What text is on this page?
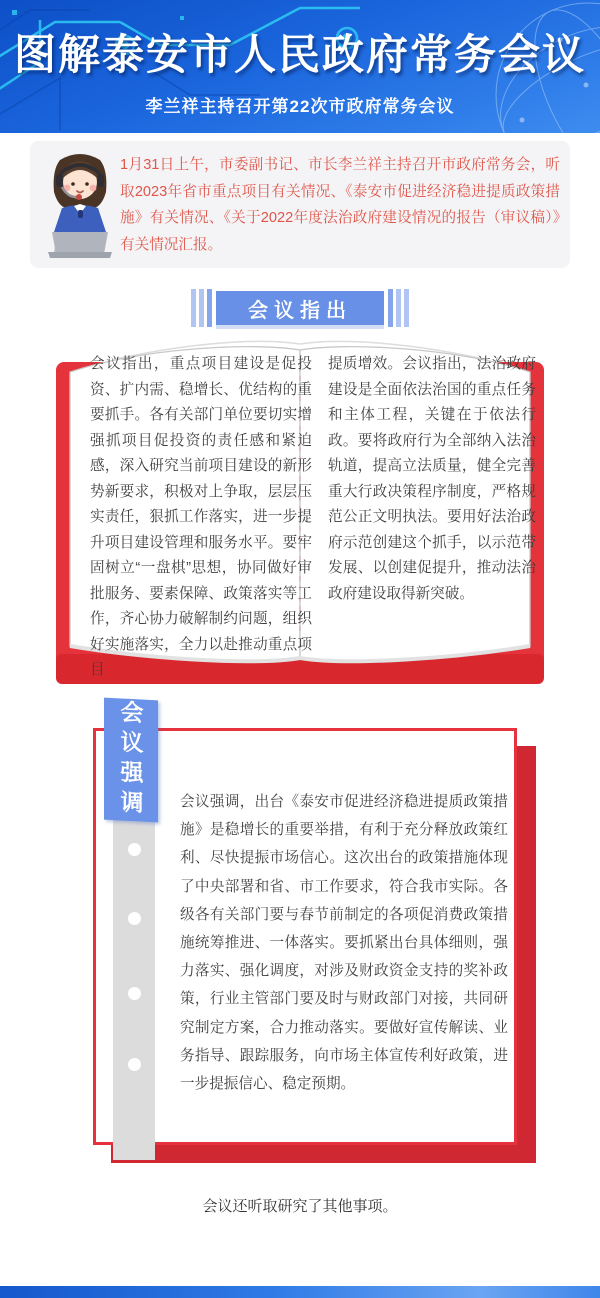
图解泰安市人民政府常务会议
李兰祥主持召开第22次市政府常务会议
1月31日上午，市委副书记、市长李兰祥主持召开市政府常务会，听取2023年省市重点项目有关情况、《泰安市促进经济稳进提质政策措施》有关情况、《关于2022年度法治政府建设情况的报告（审议稿）》有关情况汇报。
会议指出
会议指出，重点项目建设是促投资、扩内需、稳增长、优结构的重要抓手。各有关部门单位要切实增强抓项目促投资的责任感和紧迫感，深入研究当前项目建设的新形势新要求，积极对上争取，层层压实责任，狠抓工作落实，进一步提升项目建设管理和服务水平。要牢固树立“一盘棋”思想，协同做好审批服务、要素保障、政策落实等工作，齐心协力破解制约问题，组织好实施落实，全力以赴推动重点项目
提质增效。会议指出，法治政府建设是全面依法治国的重点任务和主体工程，关键在于依法行政。要将政府行为全部纳入法治轨道，提高立法质量，健全完善重大行政决策程序制度，严格规范公正文明执法。要用好法治政府示范创建这个抓手，以示范带发展、以创建促提升，推动法治政府建设取得新突破。
会议强调	会议强调，出台《泰安市促进经济稳进提质政策措施》是稳增长的重要举措，有利于充分释放政策红利、尽快提振市场信心。这次出台的政策措施体现了中央部署和省、市工作要求，符合我市实际。各级各有关部门要与春节前制定的各项促消费政策措施统筹推进、一体落实。要抓紧出台具体细则，强力落实、强化调度，对涉及财政资金支持的奖补政策，行业主管部门要及时与财政部门对接，共同研究制定方案，合力推动落实。要做好宣传解读、业务指导、跟踪服务，向市场主体宣传利好政策，进一步提振信心、稳定预期。
会议还听取研究了其他事项。
